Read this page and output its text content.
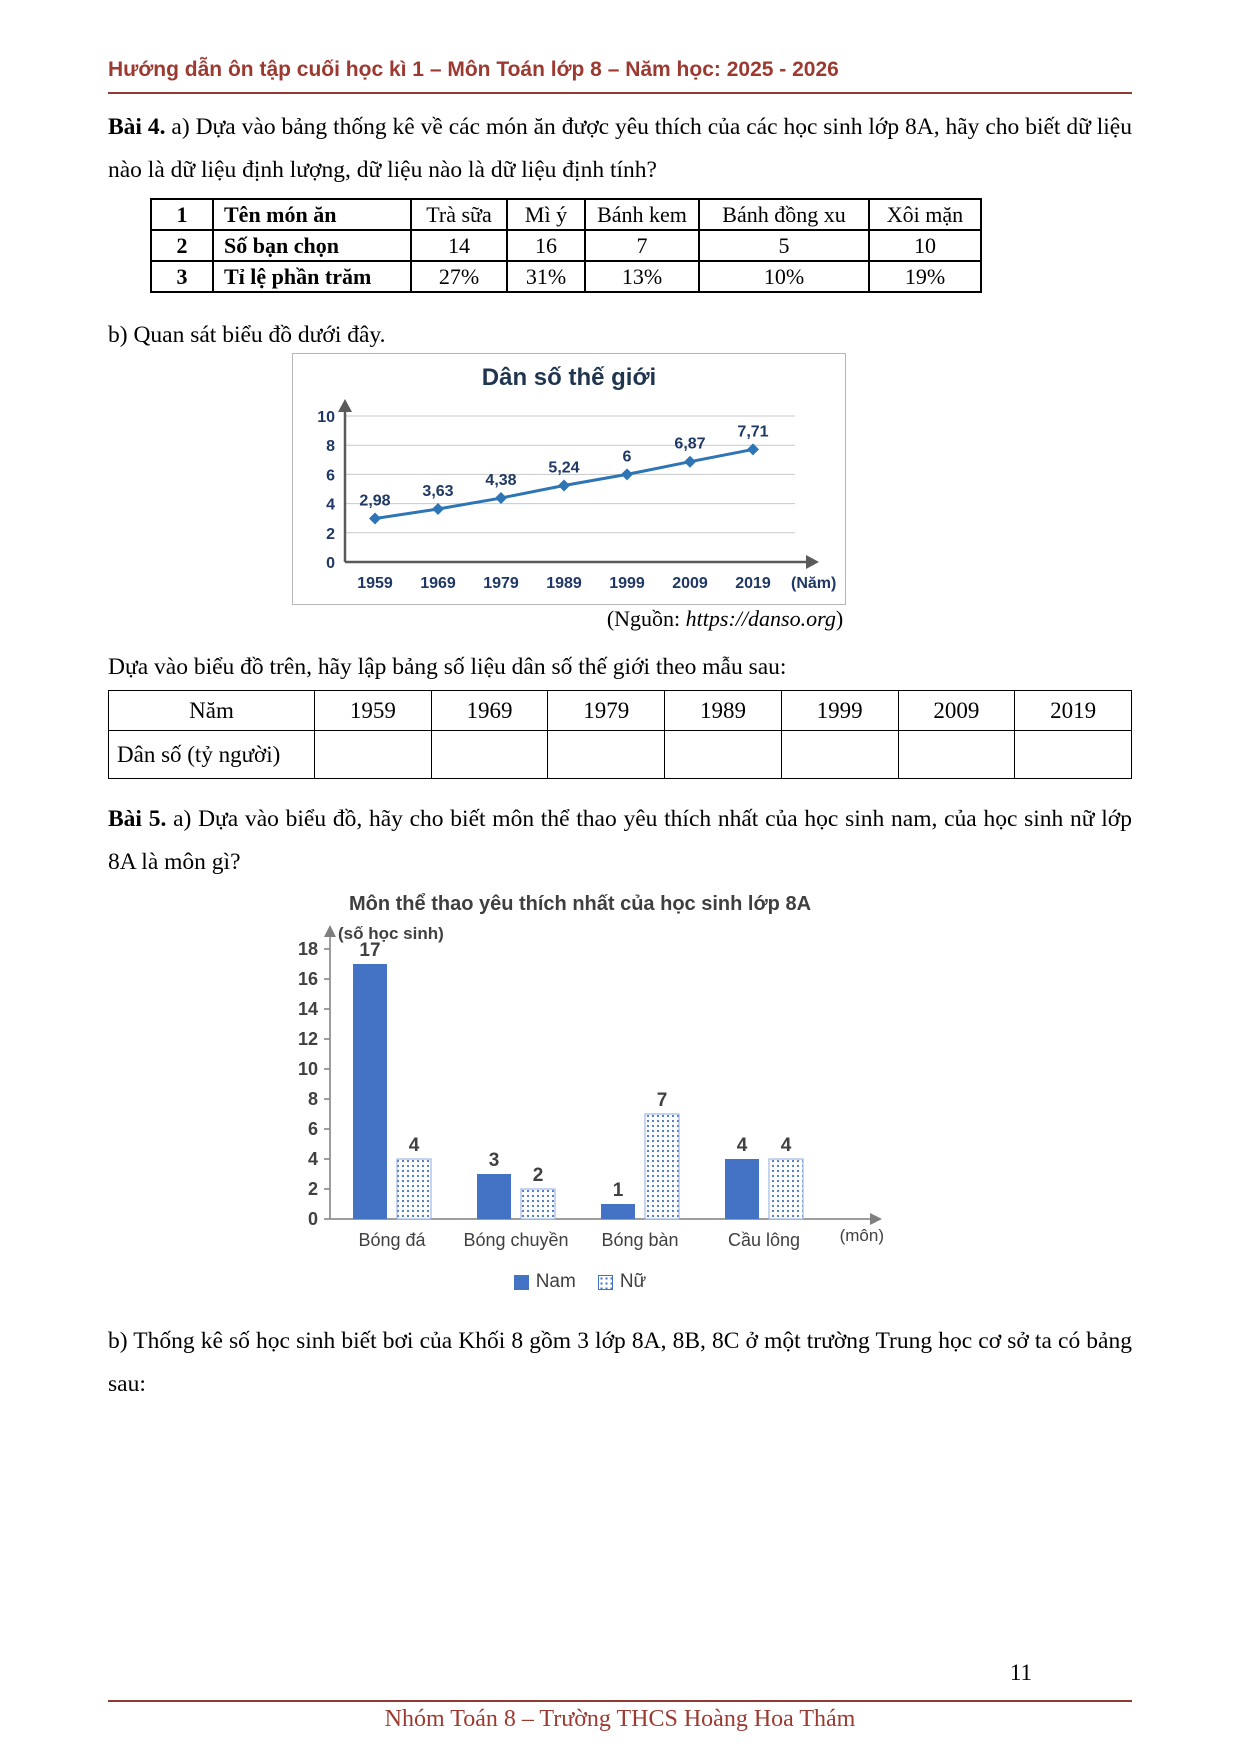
Hướng dẫn ôn tập cuối học kì 1 – Môn Toán lớp 8 – Năm học: 2025 - 2026

Bài 4. a) Dựa vào bảng thống kê về các món ăn được yêu thích của các học sinh lớp 8A, hãy cho biết dữ liệu nào là dữ liệu định lượng, dữ liệu nào là dữ liệu định tính?

1	Tên món ăn	Trà sữa	Mì ý	Bánh kem	Bánh đồng xu	Xôi mặn
2	Số bạn chọn	14	16	7	5	10
3	Tỉ lệ phần trăm	27%	31%	13%	10%	19%

b) Quan sát biểu đồ dưới đây.

Dân số thế giới
0
2
4
6
8
10
2,98
1959
3,63
1969
4,38
1979
5,24
1989
6
1999
6,87
2009
7,71
2019 (Năm)
(Nguồn: https://danso.org)

Dựa vào biểu đồ trên, hãy lập bảng số liệu dân số thế giới theo mẫu sau:

Năm	1959	1969	1979	1989	1999	2009	2019
Dân số (tỷ người)							

Bài 5. a) Dựa vào biểu đồ, hãy cho biết môn thể thao yêu thích nhất của học sinh nam, của học sinh nữ lớp 8A là môn gì?

Môn thể thao yêu thích nhất của học sinh lớp 8A
0
2
4
6
8
10
12
14
16
18
(số học sinh)
(môn)
Bóng đá
17
4
Bóng chuyền
3
2
Bóng bàn
1
7
Cầu lông
4 4
Nam Nữ

b) Thống kê số học sinh biết bơi của Khối 8 gồm 3 lớp 8A, 8B, 8C ở một trường Trung học cơ sở ta có bảng sau:

11
Nhóm Toán 8 – Trường THCS Hoàng Hoa Thám
